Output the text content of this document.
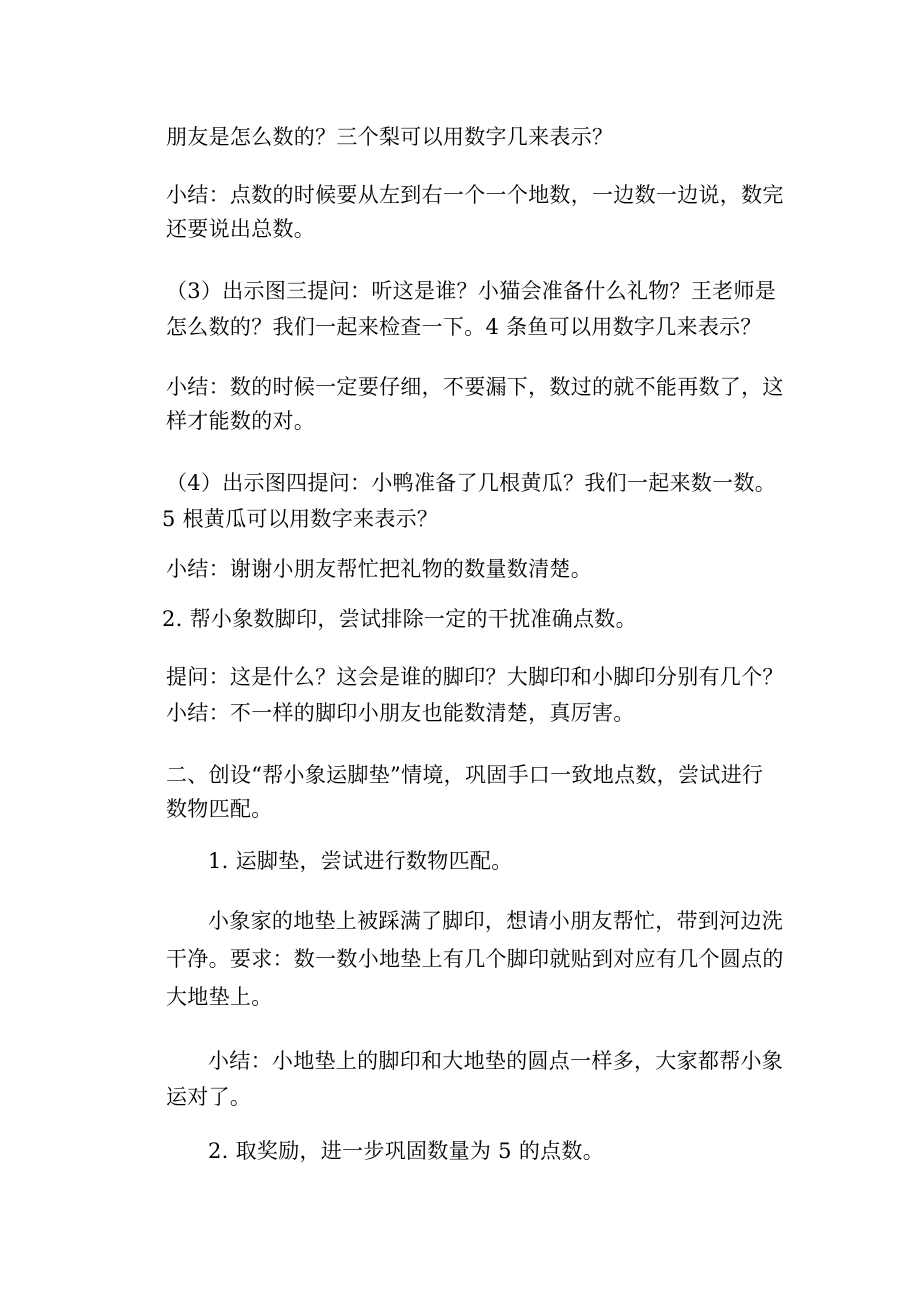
朋友是怎么数的？三个梨可以用数字几来表示？
小结：点数的时候要从左到右一个一个地数，一边数一边说，数完
还要说出总数。
（3）出示图三提问：听这是谁？小猫会准备什么礼物？王老师是
怎么数的？我们一起来检查一下。4 条鱼可以用数字几来表示？
小结：数的时候一定要仔细，不要漏下，数过的就不能再数了，这
样才能数的对。
（4）出示图四提问：小鸭准备了几根黄瓜？我们一起来数一数。
5 根黄瓜可以用数字来表示？
小结：谢谢小朋友帮忙把礼物的数量数清楚。
2. 帮小象数脚印，尝试排除一定的干扰准确点数。
提问：这是什么？这会是谁的脚印？大脚印和小脚印分别有几个？
小结：不一样的脚印小朋友也能数清楚，真厉害。
二、创设“帮小象运脚垫”情境，巩固手口一致地点数，尝试进行
数物匹配。
1. 运脚垫，尝试进行数物匹配。
小象家的地垫上被踩满了脚印，想请小朋友帮忙，带到河边洗
干净。要求：数一数小地垫上有几个脚印就贴到对应有几个圆点的
大地垫上。
小结：小地垫上的脚印和大地垫的圆点一样多，大家都帮小象
运对了。
2. 取奖励，进一步巩固数量为 5 的点数。
